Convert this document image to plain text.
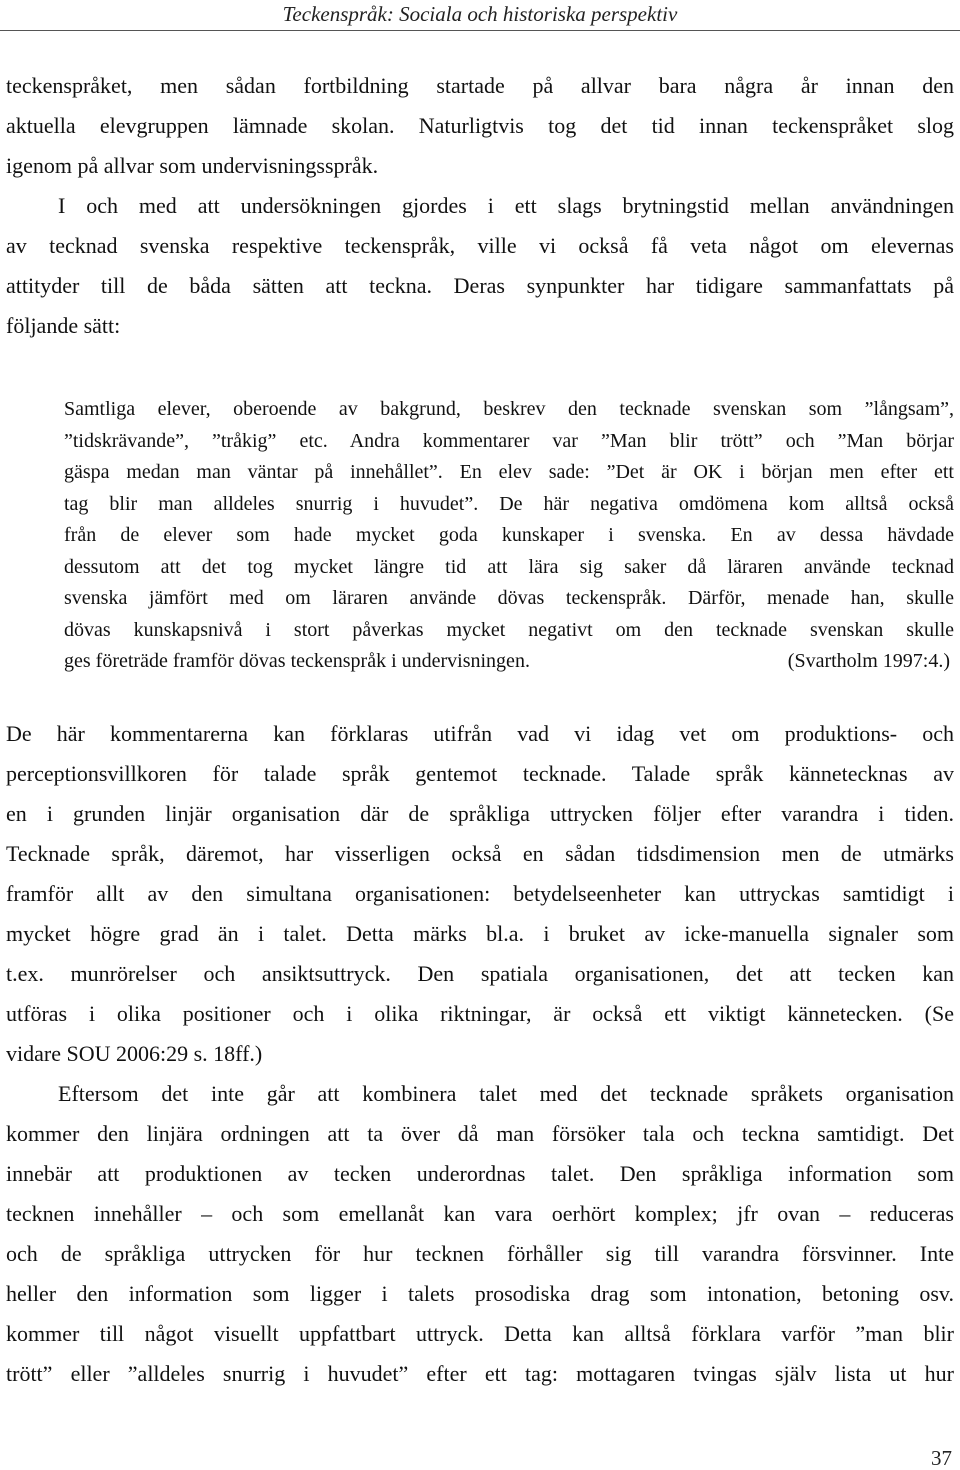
Teckenspråk: Sociala och historiska perspektiv
teckenspråket, men sådan fortbildning startade på allvar bara några år innan den
aktuella elevgruppen lämnade skolan. Naturligtvis tog det tid innan teckenspråket slog
igenom på allvar som undervisningsspråk.
I och med att undersökningen gjordes i ett slags brytningstid mellan användningen
av tecknad svenska respektive teckenspråk, ville vi också få veta något om elevernas
attityder till de båda sätten att teckna. Deras synpunkter har tidigare sammanfattats på
följande sätt:
Samtliga elever, oberoende av bakgrund, beskrev den tecknade svenskan som ”långsam”,
”tidskrävande”, ”tråkig” etc. Andra kommentarer var ”Man blir trött” och ”Man börjar
gäspa medan man väntar på innehållet”. En elev sade: ”Det är OK i början men efter ett
tag blir man alldeles snurrig i huvudet”. De här negativa omdömena kom alltså också
från de elever som hade mycket goda kunskaper i svenska. En av dessa hävdade
dessutom att det tog mycket längre tid att lära sig saker då läraren använde tecknad
svenska jämfört med om läraren använde dövas teckenspråk. Därför, menade han, skulle
dövas kunskapsnivå i stort påverkas mycket negativt om den tecknade svenskan skulle
ges företräde framför dövas teckenspråk i undervisningen.	(Svartholm 1997:4.)
De här kommentarerna kan förklaras utifrån vad vi idag vet om produktions- och
perceptionsvillkoren för talade språk gentemot tecknade. Talade språk kännetecknas av
en i grunden linjär organisation där de språkliga uttrycken följer efter varandra i tiden.
Tecknade språk, däremot, har visserligen också en sådan tidsdimension men de utmärks
framför allt av den simultana organisationen: betydelseenheter kan uttryckas samtidigt i
mycket högre grad än i talet. Detta märks bl.a. i bruket av icke-manuella signaler som
t.ex. munrörelser och ansiktsuttryck. Den spatiala organisationen, det att tecken kan
utföras i olika positioner och i olika riktningar, är också ett viktigt kännetecken. (Se
vidare SOU 2006:29 s. 18ff.)
Eftersom det inte går att kombinera talet med det tecknade språkets organisation
kommer den linjära ordningen att ta över då man försöker tala och teckna samtidigt. Det
innebär att produktionen av tecken underordnas talet. Den språkliga information som
tecknen innehåller – och som emellanåt kan vara oerhört komplex; jfr ovan – reduceras
och de språkliga uttrycken för hur tecknen förhåller sig till varandra försvinner. Inte
heller den information som ligger i talets prosodiska drag som intonation, betoning osv.
kommer till något visuellt uppfattbart uttryck. Detta kan alltså förklara varför ”man blir
trött” eller ”alldeles snurrig i huvudet” efter ett tag: mottagaren tvingas själv lista ut hur
37
